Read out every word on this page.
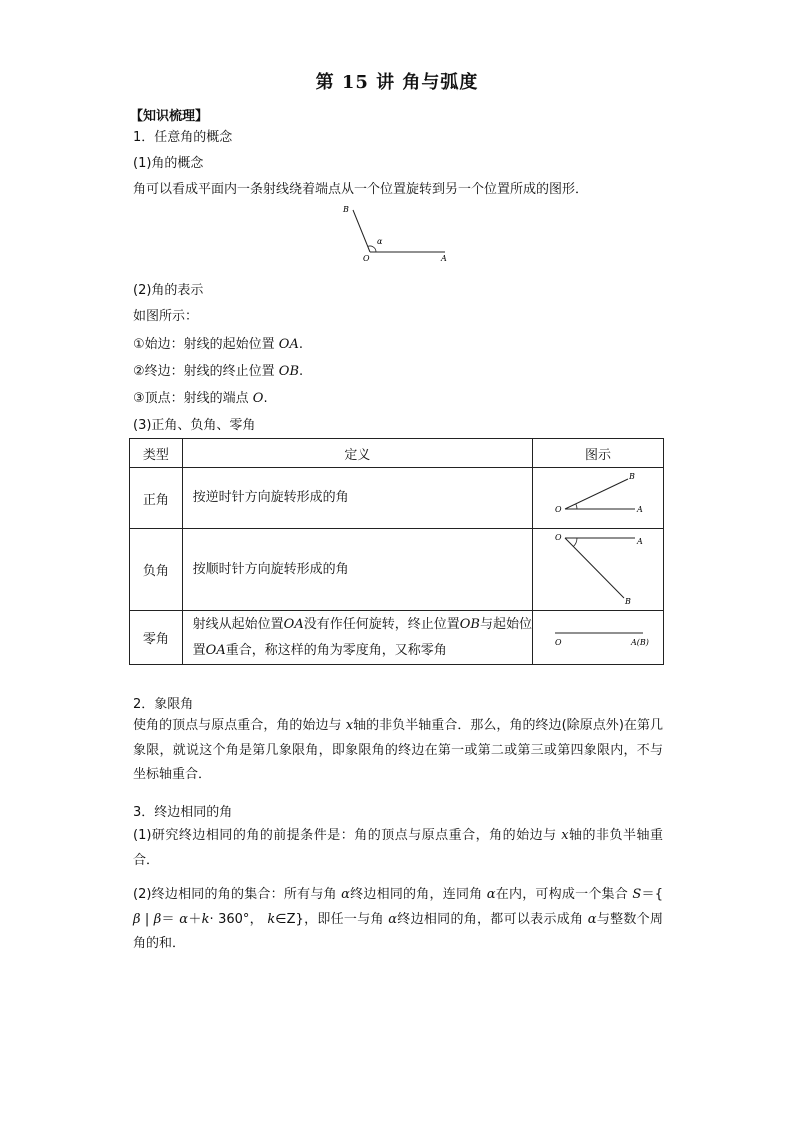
第 15 讲 角与弧度
【知识梳理】
1．任意角的概念
(1)角的概念
角可以看成平面内一条射线绕着端点从一个位置旋转到另一个位置所成的图形．
B
α
O	A
(2)角的表示
如图所示：
①始边：射线的起始位置 OA.
②终边：射线的终止位置 OB.
③顶点：射线的端点 O.
(3)正角、负角、零角
类型	定义	图示
正角	按逆时针方向旋转形成的角	O A
B

负角	按顺时针方向旋转形成的角	O A
B

零角	射线从起始位置OA没有作任何旋转，终止位置OB与起始位置OA重合，称这样的角为零度角，又称零角	O A(B)
2．象限角
使角的顶点与原点重合，角的始边与 x轴的非负半轴重合．那么，角的终边(除原点外)在第几象限，就说这个角是第几象限角，即象限角的终边在第一或第二或第三或第四象限内，不与坐标轴重合．
3．终边相同的角
(1)研究终边相同的角的前提条件是：角的顶点与原点重合，角的始边与 x轴的非负半轴重合．
(2)终边相同的角的集合：所有与角 α终边相同的角，连同角 α在内，可构成一个集合 S＝{ β | β＝ α＋k· 360°， k∈Z}，即任一与角 α终边相同的角，都可以表示成角 α与整数个周角的和．
